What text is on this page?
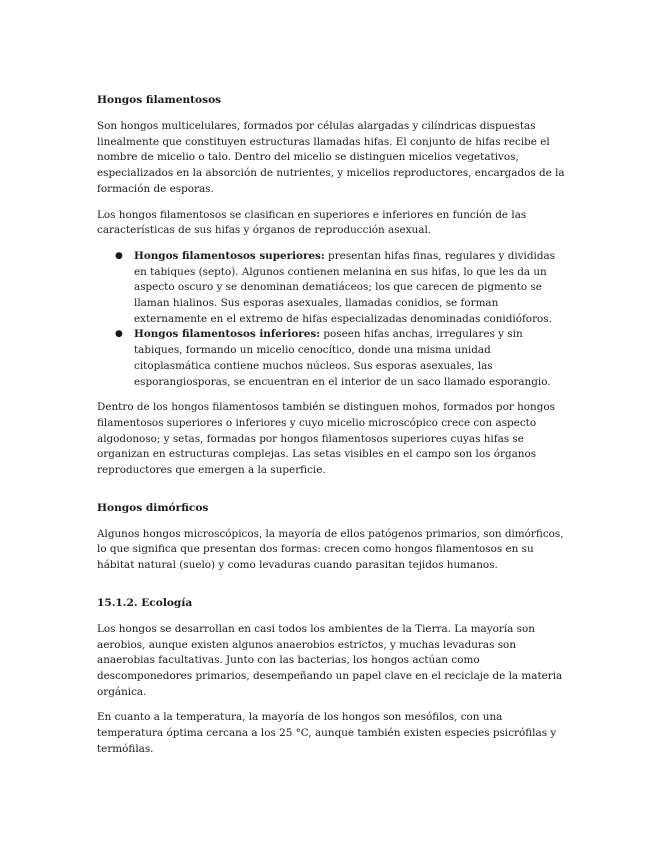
Hongos filamentosos

Son hongos multicelulares, formados por células alargadas y cilíndricas dispuestas linealmente que constituyen estructuras llamadas hifas. El conjunto de hifas recibe el nombre de micelio o talo. Dentro del micelio se distinguen micelios vegetativos, especializados en la absorción de nutrientes, y micelios reproductores, encargados de la formación de esporas.

Los hongos filamentosos se clasifican en superiores e inferiores en función de las características de sus hifas y órganos de reproducción asexual.

● Hongos filamentosos superiores: presentan hifas finas, regulares y divididas en tabiques (septo). Algunos contienen melanina en sus hifas, lo que les da un aspecto oscuro y se denominan dematiáceos; los que carecen de pigmento se llaman hialinos. Sus esporas asexuales, llamadas conidios, se forman externamente en el extremo de hifas especializadas denominadas conidióforos.
● Hongos filamentosos inferiores: poseen hifas anchas, irregulares y sin tabiques, formando un micelio cenocítico, donde una misma unidad citoplasmática contiene muchos núcleos. Sus esporas asexuales, las esporangiosporas, se encuentran en el interior de un saco llamado esporangio.

Dentro de los hongos filamentosos también se distinguen mohos, formados por hongos filamentosos superiores o inferiores y cuyo micelio microscópico crece con aspecto algodonoso; y setas, formadas por hongos filamentosos superiores cuyas hifas se organizan en estructuras complejas. Las setas visibles en el campo son los órganos reproductores que emergen a la superficie.

Hongos dimórficos

Algunos hongos microscópicos, la mayoría de ellos patógenos primarios, son dimórficos, lo que significa que presentan dos formas: crecen como hongos filamentosos en su hábitat natural (suelo) y como levaduras cuando parasitan tejidos humanos.

15.1.2. Ecología

Los hongos se desarrollan en casi todos los ambientes de la Tierra. La mayoría son aerobios, aunque existen algunos anaerobios estrictos, y muchas levaduras son anaerobias facultativas. Junto con las bacterias, los hongos actúan como descomponedores primarios, desempeñando un papel clave en el reciclaje de la materia orgánica.

En cuanto a la temperatura, la mayoría de los hongos son mesófilos, con una temperatura óptima cercana a los 25 °C, aunque también existen especies psicrófilas y termófilas.
